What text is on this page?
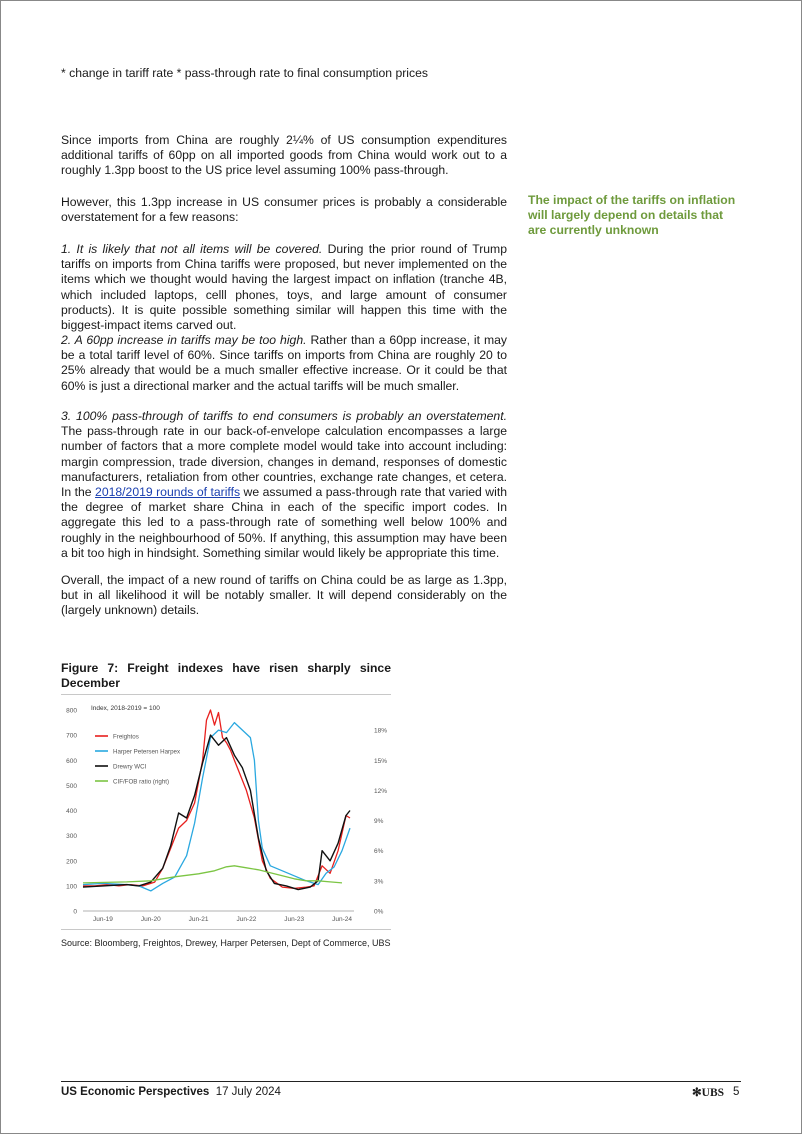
* change in tariff rate * pass-through rate to final consumption prices

Since imports from China are roughly 2¼% of US consumption expenditures additional tariffs of 60pp on all imported goods from China would work out to a roughly 1.3pp boost to the US price level assuming 100% pass-through.

However, this 1.3pp increase in US consumer prices is probably a considerable overstatement for a few reasons:

1. It is likely that not all items will be covered. During the prior round of Trump tariffs on imports from China tariffs were proposed, but never implemented on the items which we thought would having the largest impact on inflation (tranche 4B, which included laptops, celll phones, toys, and large amount of consumer products). It is quite possible something similar will happen this time with the biggest-impact items carved out.

2. A 60pp increase in tariffs may be too high. Rather than a 60pp increase, it may be a total tariff level of 60%. Since tariffs on imports from China are roughly 20 to 25% already that would be a much smaller effective increase. Or it could be that 60% is just a directional marker and the actual tariffs will be much smaller.

3. 100% pass-through of tariffs to end consumers is probably an overstatement. The pass-through rate in our back-of-envelope calculation encompasses a large number of factors that a more complete model would take into account including: margin compression, trade diversion, changes in demand, responses of domestic manufacturers, retaliation from other countries, exchange rate changes, et cetera. In the 2018/2019 rounds of tariffs we assumed a pass-through rate that varied with the degree of market share China in each of the specific import codes. In aggregate this led to a pass-through rate of something well below 100% and roughly in the neighbourhood of 50%. If anything, this assumption may have been a bit too high in hindsight. Something similar would likely be appropriate this time.

Overall, the impact of a new round of tariffs on China could be as large as 1.3pp, but in all likelihood it will be notably smaller. It will depend considerably on the (largely unknown) details.

The impact of the tariffs on inflation will largely depend on details that are currently unknown
Figure 7: Freight indexes have risen sharply since December
0
100
200
300
400
500
600
700
800
0%
3%
6%
9%
12%
15%
18%
Jun-19	Jun-20	Jun-21	Jun-22	Jun-23	Jun-24
Index, 2018-2019 = 100
Freightos
Harper Petersen Harpex
Drewry WCI
CIF/FOB ratio (right)
Source: Bloomberg, Freightos, Drewey, Harper Petersen, Dept of Commerce, UBS
US Economic Perspectives 17 July 2024	✻UBS 5
